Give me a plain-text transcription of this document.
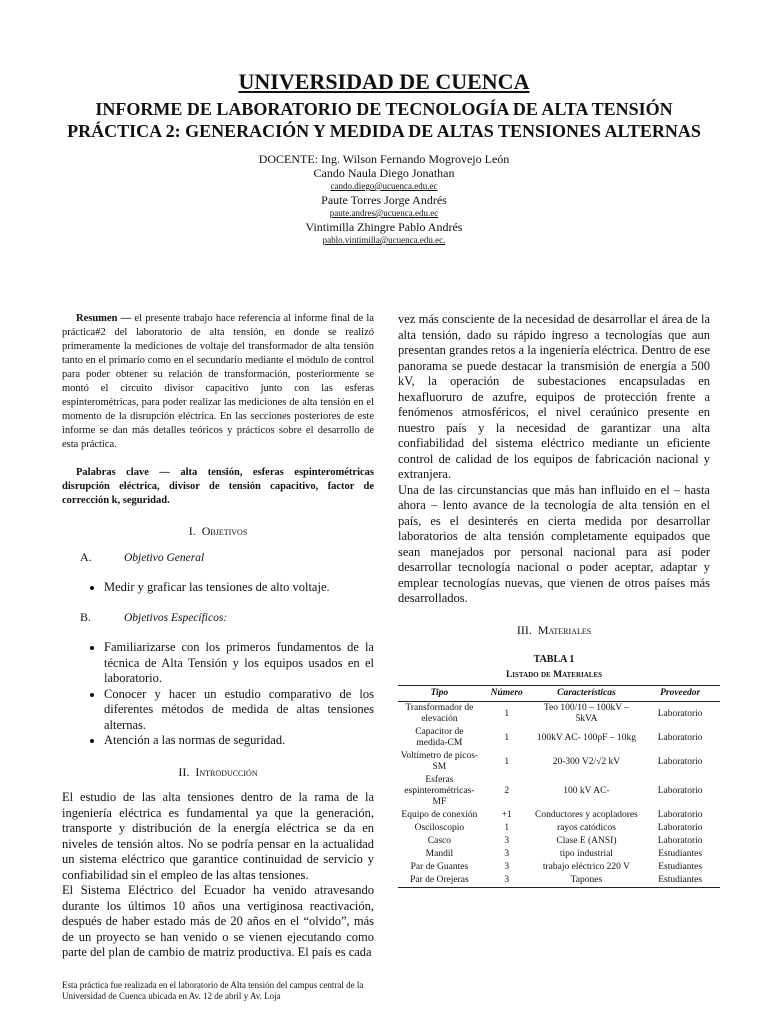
UNIVERSIDAD DE CUENCA
INFORME DE LABORATORIO DE TECNOLOGÍA DE ALTA TENSIÓN PRÁCTICA 2: GENERACIÓN Y MEDIDA DE ALTAS TENSIONES ALTERNAS
DOCENTE: Ing. Wilson Fernando Mogrovejo León
Cando Naula Diego Jonathan
cando.diego@ucuenca.edu.ec
Paute Torres Jorge Andrés
paute.andres@ucuenca.edu.ec
Vintimilla Zhingre Pablo Andrés
pablo.vintimilla@ucuenca.edu.ec.

Resumen — el presente trabajo hace referencia al informe final de la práctica#2 del laboratorio de alta tensión, en donde se realizó primeramente la mediciones de voltaje del transformador de alta tensión tanto en el primario como en el secundario mediante el módulo de control para poder obtener su relación de transformación, posteriormente se montó el circuito divisor capacitivo junto con las esferas espinterométricas, para poder realizar las mediciones de alta tensión en el momento de la disrupción eléctrica. En las secciones posteriores de este informe se dan más detalles teóricos y prácticos sobre el desarrollo de esta práctica.

Palabras clave — alta tensión, esferas espinterométricas disrupción eléctrica, divisor de tensión capacitivo, factor de corrección k, seguridad.

I. Objetivos
A.	Objetivo General
• Medir y graficar las tensiones de alto voltaje.
B.	Objetivos Específicos:
• Familiarizarse con los primeros fundamentos de la técnica de Alta Tensión y los equipos usados en el laboratorio.
• Conocer y hacer un estudio comparativo de los diferentes métodos de medida de altas tensiones alternas.
• Atención a las normas de seguridad.
II. Introducción

El estudio de las alta tensiones dentro de la rama de la ingeniería eléctrica es fundamental ya que la generación, transporte y distribución de la energía eléctrica se da en niveles de tensión altos. No se podría pensar en la actualidad un sistema eléctrico que garantice continuidad de servicio y confiabilidad sin el empleo de las altas tensiones.

El Sistema Eléctrico del Ecuador ha venido atravesando durante los últimos 10 años una vertiginosa reactivación, después de haber estado más de 20 años en el “olvido”, más de un proyecto se han venido o se vienen ejecutando como parte del plan de cambio de matriz productiva. El país es cada

vez más consciente de la necesidad de desarrollar el área de la alta tensión, dado su rápido ingreso a tecnologías que aun presentan grandes retos a la ingeniería eléctrica. Dentro de ese panorama se puede destacar la transmisión de energía a 500 kV, la operación de subestaciones encapsuladas en hexafluoruro de azufre, equipos de protección frente a fenómenos atmosféricos, el nivel ceraúnico presente en nuestro país y la necesidad de garantizar una alta confiabilidad del sistema eléctrico mediante un eficiente control de calidad de los equipos de fabricación nacional y extranjera.

Una de las circunstancias que más han influido en el – hasta ahora – lento avance de la tecnología de alta tensión en el país, es el desinterés en cierta medida por desarrollar laboratorios de alta tensión completamente equipados que sean manejados por personal nacional para así poder desarrollar tecnología nacional o poder aceptar, adaptar y emplear tecnologías nuevas, que vienen de otros países más desarrollados.

III. Materiales
TABLA 1
Listado de Materiales
Tipo	Número	Características	Proveedor
Transformador de elevación	1	Teo 100/10 – 100kV – 5kVA	Laboratorio
Capacitor de medida-CM	1	100kV AC- 100pF – 10kg	Laboratorio
Voltímetro de picos-SM	1	20-300 V2/√2 kV	Laboratorio
Esferas espinterométricas-MF	2	100 kV AC-	Laboratorio
Equipo de conexión	+1	Conductores y acopladores	Laboratorio
Osciloscopio	1	rayos catódicos	Laboratorio
Casco	3	Clase E (ANSI)	Laboratorio
Mandil	3	tipo industrial	Estudiantes
Par de Guantes	3	trabajo eléctrico 220 V	Estudiantes
Par de Orejeras	3	Tapones	Estudiantes
Esta práctica fue realizada en el laboratorio de Alta tensión del campus central de la Universidad de Cuenca ubicada en Av. 12 de abril y Av. Loja
